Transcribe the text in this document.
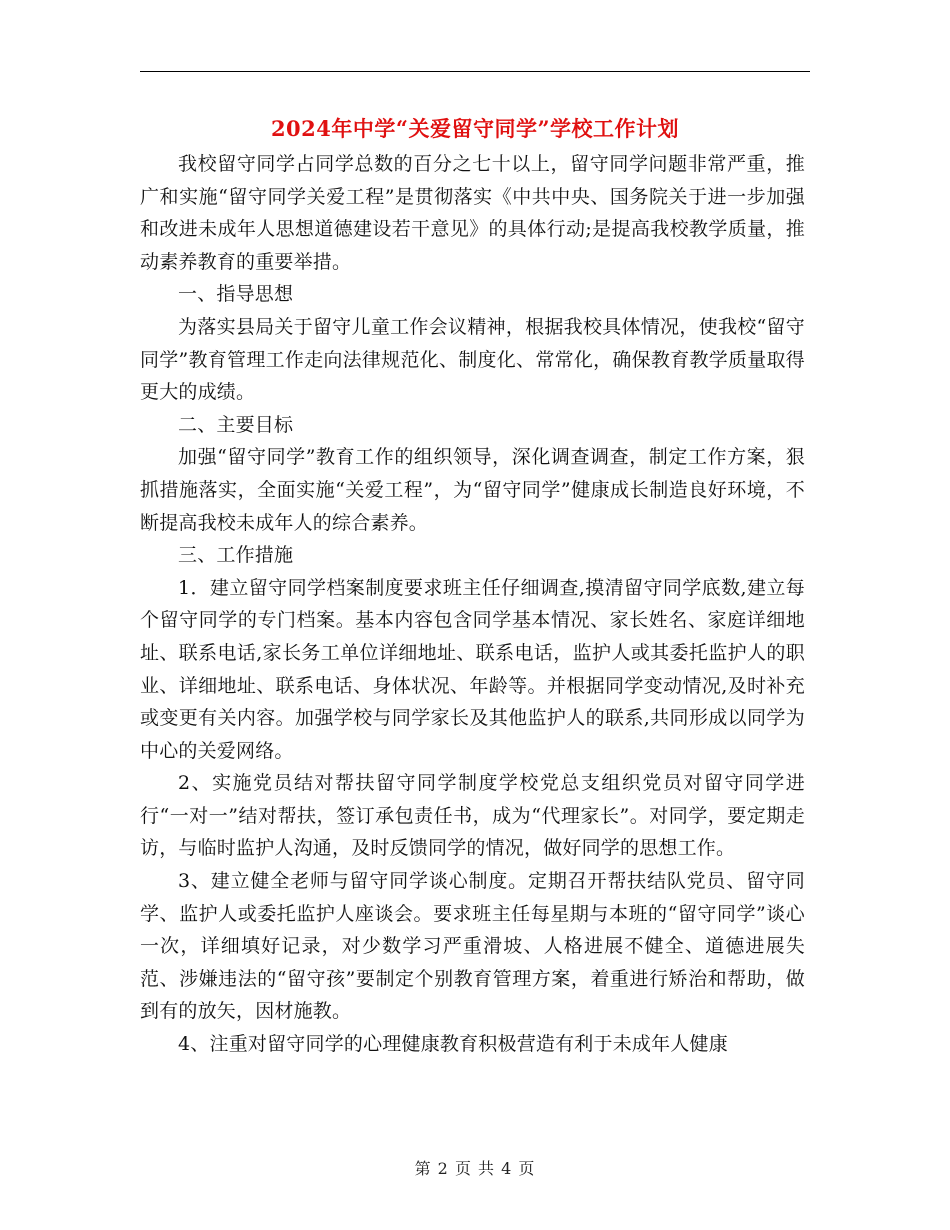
2024年中学“关爱留守同学”学校工作计划

我校留守同学占同学总数的百分之七十以上，留守同学问题非常严重，推广和实施“留守同学关爱工程”是贯彻落实《中共中央、国务院关于进一步加强和改进未成年人思想道德建设若干意见》的具体行动;是提高我校教学质量，推动素养教育的重要举措。

一、指导思想

为落实县局关于留守儿童工作会议精神，根据我校具体情况，使我校“留守同学”教育管理工作走向法律规范化、制度化、常常化，确保教育教学质量取得更大的成绩。

二、主要目标

加强“留守同学”教育工作的组织领导，深化调查调查，制定工作方案，狠抓措施落实，全面实施“关爱工程”，为“留守同学”健康成长制造良好环境，不断提高我校未成年人的综合素养。

三、工作措施

1．建立留守同学档案制度要求班主任仔细调查,摸清留守同学底数,建立每个留守同学的专门档案。基本内容包含同学基本情况、家长姓名、家庭详细地址、联系电话,家长务工单位详细地址、联系电话，监护人或其委托监护人的职业、详细地址、联系电话、身体状况、年龄等。并根据同学变动情况,及时补充或变更有关内容。加强学校与同学家长及其他监护人的联系,共同形成以同学为中心的关爱网络。

2、实施党员结对帮扶留守同学制度学校党总支组织党员对留守同学进行“一对一”结对帮扶，签订承包责任书，成为“代理家长”。对同学，要定期走访，与临时监护人沟通，及时反馈同学的情况，做好同学的思想工作。

3、建立健全老师与留守同学谈心制度。定期召开帮扶结队党员、留守同学、监护人或委托监护人座谈会。要求班主任每星期与本班的“留守同学”谈心一次，详细填好记录，对少数学习严重滑坡、人格进展不健全、道德进展失范、涉嫌违法的“留守孩”要制定个别教育管理方案，着重进行矫治和帮助，做到有的放矢，因材施教。

4、注重对留守同学的心理健康教育积极营造有利于未成年人健康

第 2 页 共 4 页
